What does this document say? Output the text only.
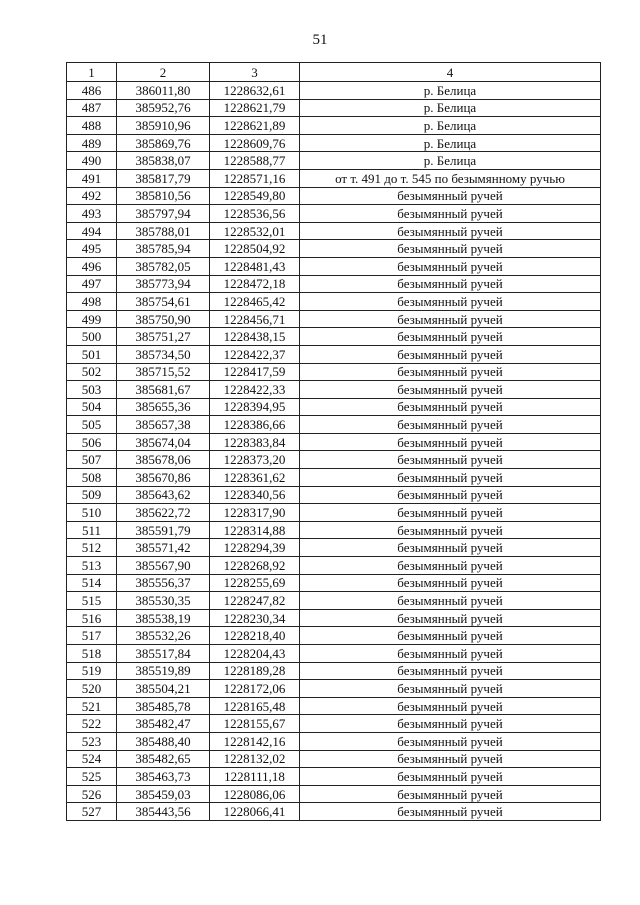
51
1	2	3	4
486	386011,80	1228632,61	р. Белица
487	385952,76	1228621,79	р. Белица
488	385910,96	1228621,89	р. Белица
489	385869,76	1228609,76	р. Белица
490	385838,07	1228588,77	р. Белица
491	385817,79	1228571,16	от т. 491 до т. 545 по безымянному ручью
492	385810,56	1228549,80	безымянный ручей
493	385797,94	1228536,56	безымянный ручей
494	385788,01	1228532,01	безымянный ручей
495	385785,94	1228504,92	безымянный ручей
496	385782,05	1228481,43	безымянный ручей
497	385773,94	1228472,18	безымянный ручей
498	385754,61	1228465,42	безымянный ручей
499	385750,90	1228456,71	безымянный ручей
500	385751,27	1228438,15	безымянный ручей
501	385734,50	1228422,37	безымянный ручей
502	385715,52	1228417,59	безымянный ручей
503	385681,67	1228422,33	безымянный ручей
504	385655,36	1228394,95	безымянный ручей
505	385657,38	1228386,66	безымянный ручей
506	385674,04	1228383,84	безымянный ручей
507	385678,06	1228373,20	безымянный ручей
508	385670,86	1228361,62	безымянный ручей
509	385643,62	1228340,56	безымянный ручей
510	385622,72	1228317,90	безымянный ручей
511	385591,79	1228314,88	безымянный ручей
512	385571,42	1228294,39	безымянный ручей
513	385567,90	1228268,92	безымянный ручей
514	385556,37	1228255,69	безымянный ручей
515	385530,35	1228247,82	безымянный ручей
516	385538,19	1228230,34	безымянный ручей
517	385532,26	1228218,40	безымянный ручей
518	385517,84	1228204,43	безымянный ручей
519	385519,89	1228189,28	безымянный ручей
520	385504,21	1228172,06	безымянный ручей
521	385485,78	1228165,48	безымянный ручей
522	385482,47	1228155,67	безымянный ручей
523	385488,40	1228142,16	безымянный ручей
524	385482,65	1228132,02	безымянный ручей
525	385463,73	1228111,18	безымянный ручей
526	385459,03	1228086,06	безымянный ручей
527	385443,56	1228066,41	безымянный ручей
